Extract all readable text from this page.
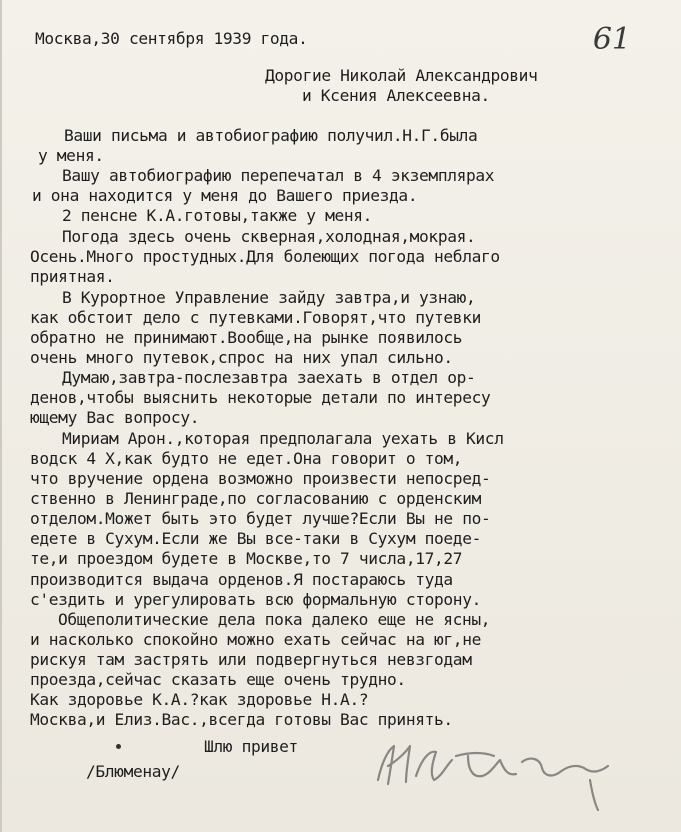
61

Москва,30 сентября 1939 года.

Дорогие Николай Александрович

и Ксения Алексеевна.

Ваши письма и автобиографию получил.Н.Г.была

у меня.

Вашу автобиографию перепечатал в 4 экземплярах

и она находится у меня до Вашего приезда.

2 пенсне К.А.готовы,также у меня.

Погода здесь очень скверная,холодная,мокрая.

Осень.Много простудных.Для болеющих погода неблаго

приятная.

В Курортное Управление зайду завтра,и узнаю,

как обстоит дело с путевками.Говорят,что путевки

обратно не принимают.Вообще,на рынке появилось

очень много путевок,спрос на них упал сильно.

Думаю,завтра-послезавтра заехать в отдел ор-

денов,чтобы выяснить некоторые детали по интересу

ющему Вас вопросу.

Мириам Арон.,которая предполагала уехать в Кисл

водск 4 Х,как будто не едет.Она говорит о том,

что вручение ордена возможно произвести непосред-

ственно в Ленинграде,по согласованию с орденским

отделом.Может быть это будет лучше?Если Вы не по-

едете в Сухум.Если же Вы все-таки в Сухум поеде-

те,и проездом будете в Москве,то 7 числа,17,27

производится выдача орденов.Я постараюсь туда

с'ездить и урегулировать всю формальную сторону.

Общеполитические дела пока далеко еще не ясны,

и насколько спокойно можно ехать сейчас на юг,не

рискуя там застрять или подвергнуться невзгодам

проезда,сейчас сказать еще очень трудно.

Как здоровье К.А.?как здоровье Н.А.?

Москва,и Елиз.Вас.,всегда готовы Вас принять.

Шлю привет

/Блюменау/
